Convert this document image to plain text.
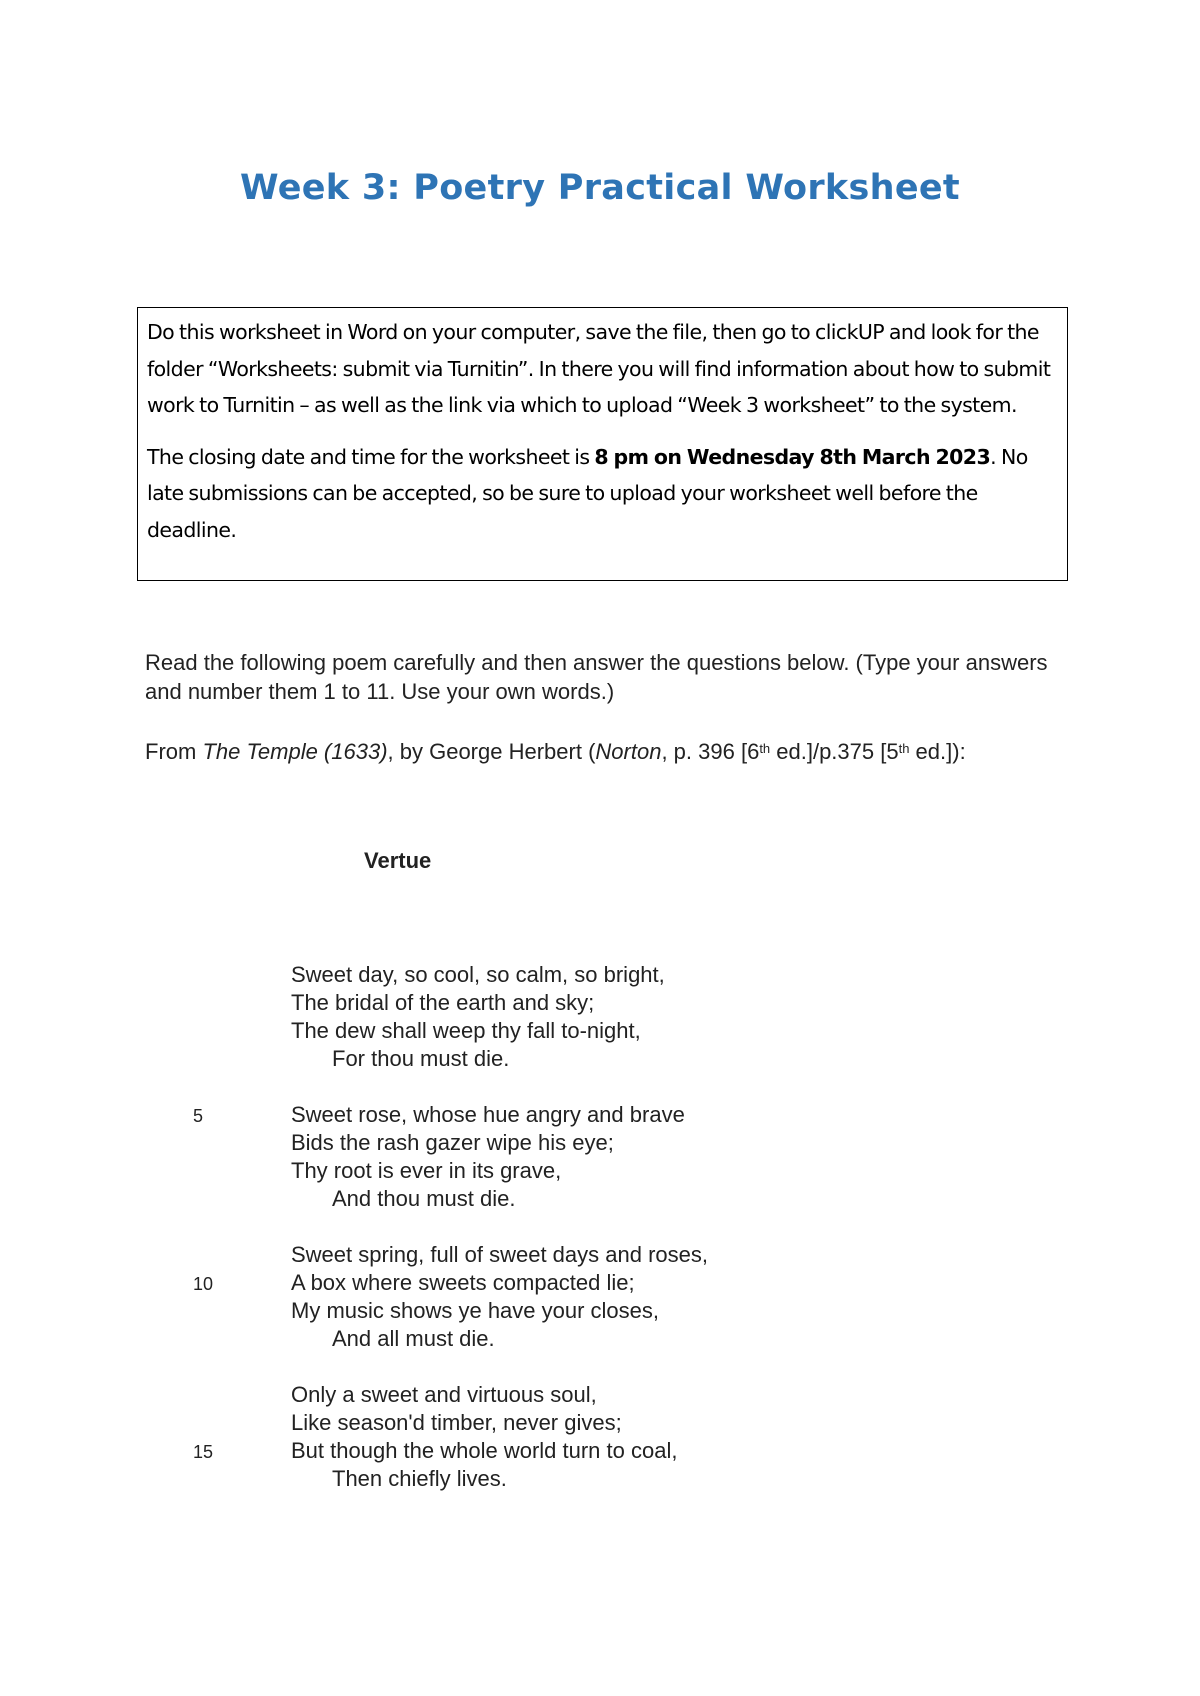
Week 3: Poetry Practical Worksheet

Do this worksheet in Word on your computer, save the file, then go to clickUP and look for the folder “Worksheets: submit via Turnitin”. In there you will find information about how to submit work to Turnitin – as well as the link via which to upload “Week 3 worksheet” to the system.

The closing date and time for the worksheet is 8 pm on Wednesday 8th March 2023. No late submissions can be accepted, so be sure to upload your worksheet well before the deadline.

Read the following poem carefully and then answer the questions below. (Type your answers and number them 1 to 11. Use your own words.)

From The Temple (1633), by George Herbert (Norton, p. 396 [6th ed.]/p.375 [5th ed.]):
Vertue
Sweet day, so cool, so calm, so bright,
The bridal of the earth and sky;
The dew shall weep thy fall to-night,
For thou must die.
5	Sweet rose, whose hue angry and brave
Bids the rash gazer wipe his eye;
Thy root is ever in its grave,
And thou must die.
Sweet spring, full of sweet days and roses,
10	A box where sweets compacted lie;
My music shows ye have your closes,
And all must die.
Only a sweet and virtuous soul,
Like season'd timber, never gives;
15	But though the whole world turn to coal,
Then chiefly lives.
